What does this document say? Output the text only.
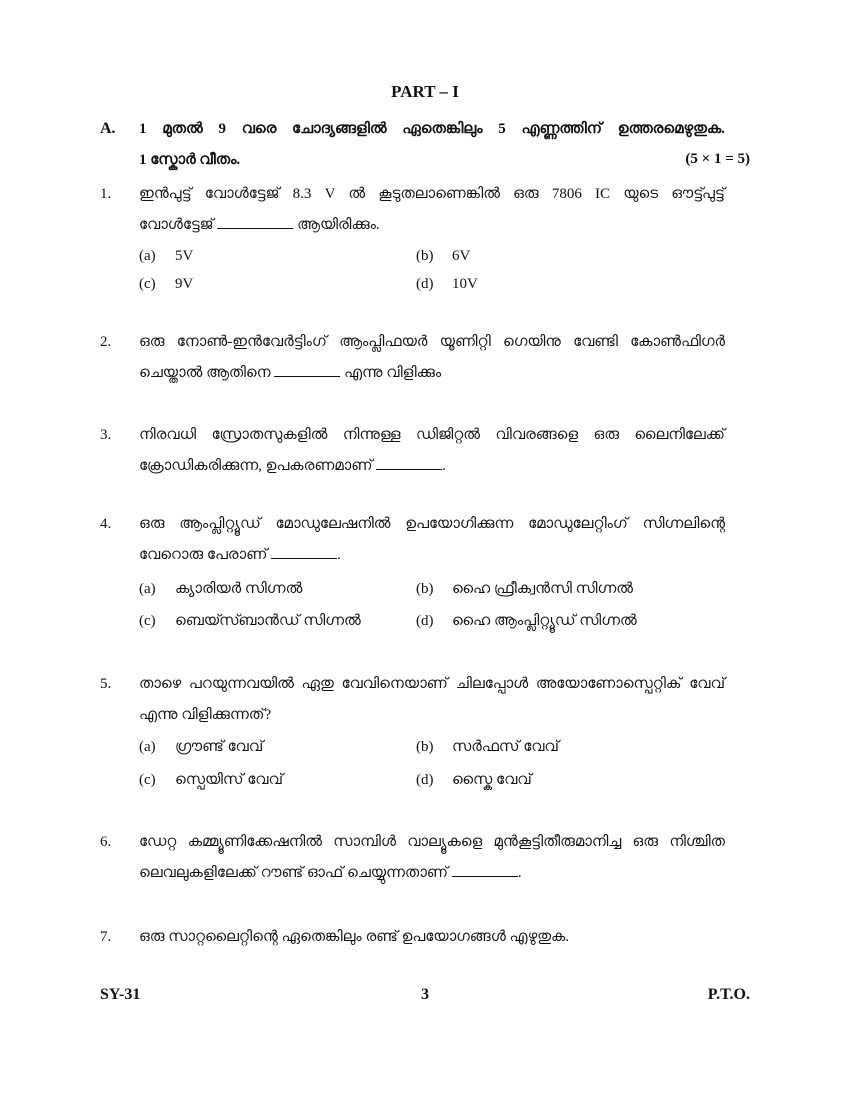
PART – I
A. 1 മുതൽ 9 വരെ ചോദ്യങ്ങളിൽ ഏതെങ്കിലും 5 എണ്ണത്തിന് ഉത്തരമെഴുതുക.
1 സ്കോർ വീതം.	(5 × 1 = 5)
1. ഇൻപുട്ട് വോൾട്ടേജ് 8.3 V ൽ കൂടുതലാണെങ്കിൽ ഒരു 7806 IC യുടെ ഔട്ട്പുട്ട്
വോൾട്ടേജ്	ആയിരിക്കും.
(a) 5V	(b) 6V
(c) 9V	(d) 10V
2. ഒരു നോൺ-ഇൻവേർട്ടിംഗ് ആംപ്ലിഫയർ യൂണിറ്റി ഗെയിനു വേണ്ടി കോൺഫിഗർ
ചെയ്താൽ ആതിനെ	എന്നു വിളിക്കും
3. നിരവധി സ്രോതസുകളിൽ നിന്നുള്ള ഡിജിറ്റൽ വിവരങ്ങളെ ഒരു ലൈനിലേക്ക്
ക്രോഡികരിക്കുന്ന, ഉപകരണമാണ്	.
4. ഒരു ആംപ്ലിറ്റ്യൂഡ് മോഡുലേഷനിൽ ഉപയോഗിക്കുന്ന മോഡുലേറ്റിംഗ് സിഗ്നലിന്റെ
വേറൊരു പേരാണ്	.
(a) ക്യാരിയർ സിഗ്നൽ	(b) ഹൈ ഫ്രീക്വൻസി സിഗ്നൽ
(c) ബെയ്സ്ബാൻഡ് സിഗ്നൽ	(d) ഹൈ ആംപ്ലിറ്റ്യൂഡ് സിഗ്നൽ
5. താഴെ പറയുന്നവയിൽ ഏതു വേവിനെയാണ് ചിലപ്പോൾ അയോണോസ്പെറ്റിക് വേവ്
എന്നു വിളിക്കുന്നത്?
(a) ഗ്രൗണ്ട് വേവ്	(b) സർഫസ് വേവ്
(c) സ്പെയിസ് വേവ്	(d) സ്കൈ വേവ്
6. ഡേറ്റ കമ്മ്യൂണിക്കേഷനിൽ സാമ്പിൾ വാല്യൂകളെ മുൻകൂട്ടിതീരുമാനിച്ച ഒരു നിശ്ചിത
ലെവലുകളിലേക്ക് റൗണ്ട് ഓഫ് ചെയ്യുന്നതാണ്	.
7. ഒരു സാറ്റലൈറ്റിന്റെ ഏതെങ്കിലും രണ്ട് ഉപയോഗങ്ങൾ എഴുതുക.
SY-31	3	P.T.O.
